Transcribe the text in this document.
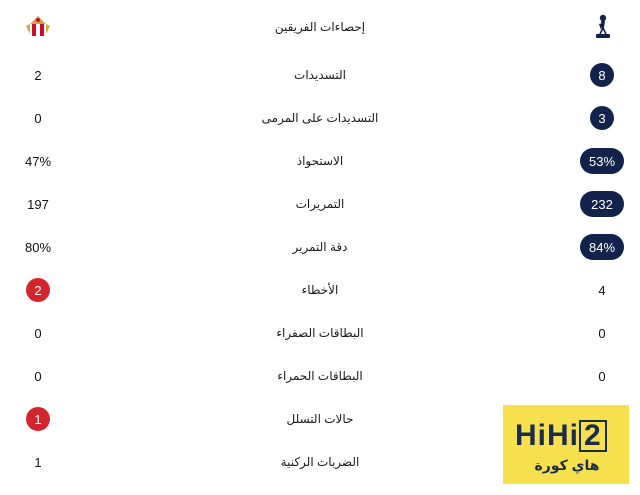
إحصاءات الفريقين
2	التسديدات	8
0	التسديدات على المرمى	3
47%	الاستحواذ	53%
197	التمريرات	232
80%	دقة التمرير	84%
2	الأخطاء	4
0	البطاقات الصفراء	0
0	البطاقات الحمراء	0
1	حالات التسلل
1	الضربات الركنية
HiHi 2
هاي كورة
